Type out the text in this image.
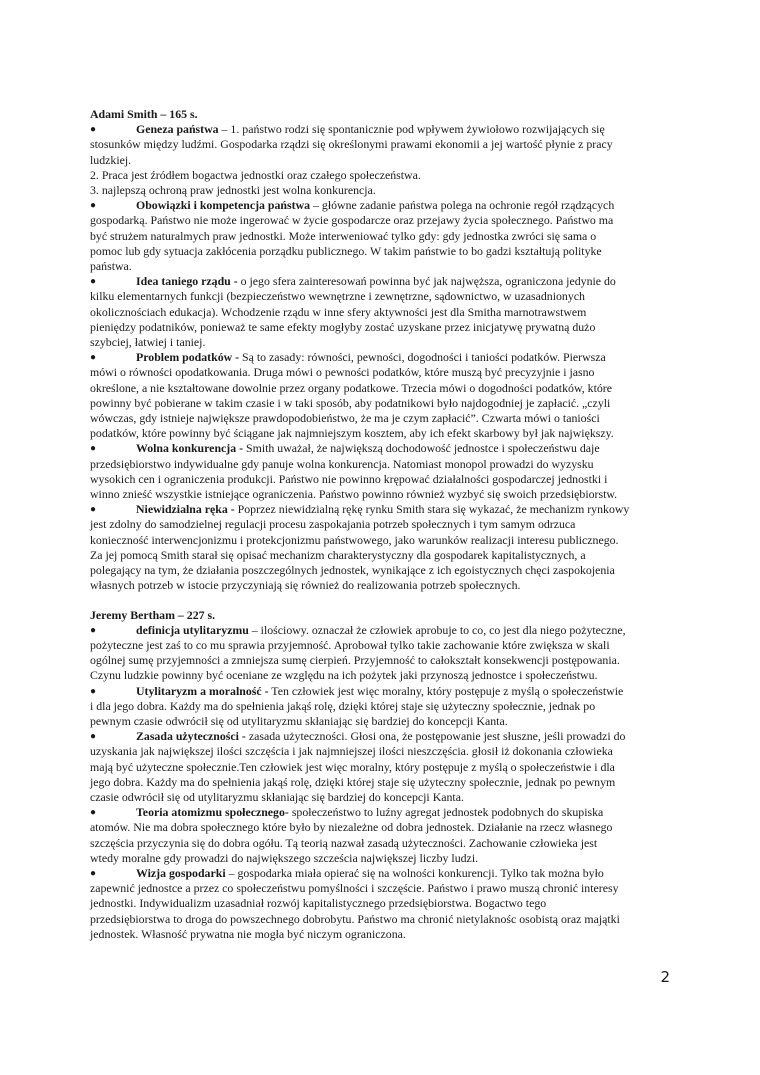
Adami Smith – 165 s.

●	Geneza państwa – 1. państwo rodzi się spontanicznie pod wpływem żywiołowo rozwijających się

stosunków między ludźmi. Gospodarka rządzi się określonymi prawami ekonomii a jej wartość płynie z pracy

ludzkiej.

2. Praca jest źródłem bogactwa jednostki oraz czałego społeczeństwa.

3. najlepszą ochroną praw jednostki jest wolna konkurencja.

●	Obowiązki i kompetencja państwa – główne zadanie państwa polega na ochronie regół rządzących

gospodarką. Państwo nie może ingerować w życie gospodarcze oraz przejawy życia społecznego. Państwo ma

być strużem naturalmych praw jednostki. Może interweniować tylko gdy: gdy jednostka zwróci się sama o

pomoc lub gdy sytuacja zakłócenia porządku publicznego. W takim państwie to bo gadzi kształtują polityke

państwa.

●	Idea taniego rządu - o jego sfera zainteresowań powinna być jak najwęższa, ograniczona jedynie do

kilku elementarnych funkcji (bezpieczeństwo wewnętrzne i zewnętrzne, sądownictwo, w uzasadnionych

okolicznościach edukacja). Wchodzenie rządu w inne sfery aktywności jest dla Smitha marnotrawstwem

pieniędzy podatników, ponieważ te same efekty mogłyby zostać uzyskane przez inicjatywę prywatną dużo

szybciej, łatwiej i taniej.

●	Problem podatków - Są to zasady: równości, pewności, dogodności i taniości podatków. Pierwsza

mówi o równości opodatkowania. Druga mówi o pewności podatków, które muszą być precyzyjnie i jasno

określone, a nie kształtowane dowolnie przez organy podatkowe. Trzecia mówi o dogodności podatków, które

powinny być pobierane w takim czasie i w taki sposób, aby podatnikowi było najdogodniej je zapłacić. „czyli

wówczas, gdy istnieje największe prawdopodobieństwo, że ma je czym zapłacić”. Czwarta mówi o taniości

podatków, które powinny być ściągane jak najmniejszym kosztem, aby ich efekt skarbowy był jak największy.

●	Wolna konkurencja - Smith uważał, że największą dochodowość jednostce i społeczeństwu daje

przedsiębiorstwo indywidualne gdy panuje wolna konkurencja. Natomiast monopol prowadzi do wyzysku

wysokich cen i ograniczenia produkcji. Państwo nie powinno krępować działalności gospodarczej jednostki i

winno znieść wszystkie istniejące ograniczenia. Państwo powinno również wyzbyć się swoich przedsiębiorstw.

●	Niewidzialna ręka - Poprzez niewidzialną rękę rynku Smith stara się wykazać, że mechanizm rynkowy

jest zdolny do samodzielnej regulacji procesu zaspokajania potrzeb społecznych i tym samym odrzuca

konieczność interwencjonizmu i protekcjonizmu państwowego, jako warunków realizacji interesu publicznego.

Za jej pomocą Smith starał się opisać mechanizm charakterystyczny dla gospodarek kapitalistycznych, a

polegający na tym, że działania poszczególnych jednostek, wynikające z ich egoistycznych chęci zaspokojenia

własnych potrzeb w istocie przyczyniają się również do realizowania potrzeb społecznych.

Jeremy Bertham – 227 s.

●	definicja utylitaryzmu – ilościowy. oznaczał że człowiek aprobuje to co, co jest dla niego pożyteczne,

pożyteczne jest zaś to co mu sprawia przyjemność. Aprobował tylko takie zachowanie które zwiększa w skali

ogólnej sumę przyjemności a zmniejsza sumę cierpień. Przyjemność to całokształt konsekwencji postępowania.

Czynu ludzkie powinny być oceniane ze względu na ich pożytek jaki przynoszą jednostce i społeczeństwu.

●	Utylitaryzm a moralność - Ten człowiek jest więc moralny, który postępuje z myślą o społeczeństwie

i dla jego dobra. Każdy ma do spełnienia jakąś rolę, dzięki której staje się użyteczny społecznie, jednak po

pewnym czasie odwrócił się od utylitaryzmu skłaniając się bardziej do koncepcji Kanta.

●	Zasada użyteczności - zasada użyteczności. Głosi ona, że postępowanie jest słuszne, jeśli prowadzi do

uzyskania jak największej ilości szczęścia i jak najmniejszej ilości nieszczęścia. głosił iż dokonania człowieka

mają być użyteczne społecznie.Ten człowiek jest więc moralny, który postępuje z myślą o społeczeństwie i dla

jego dobra. Każdy ma do spełnienia jakąś rolę, dzięki której staje się użyteczny społecznie, jednak po pewnym

czasie odwrócił się od utylitaryzmu skłaniając się bardziej do koncepcji Kanta.

●	Teoria atomizmu społecznego- społeczeństwo to luźny agregat jednostek podobnych do skupiska

atomów. Nie ma dobra społecznego które było by niezależne od dobra jednostek. Działanie na rzecz własnego

szczęścia przyczynia się do dobra ogółu. Tą teorią nazwał zasadą użyteczności. Zachowanie człowieka jest

wtedy moralne gdy prowadzi do największego szcześcia największej liczby ludzi.

●	Wizja gospodarki – gospodarka miała opierać się na wolności konkurencji. Tylko tak można było

zapewnić jednostce a przez co społeczeństwu pomyślności i szczęście. Państwo i prawo muszą chronić interesy

jednostki. Indywidualizm uzasadniał rozwój kapitalistycznego przedsiębiorstwa. Bogactwo tego

przedsiębiorstwa to droga do powszechnego dobrobytu. Państwo ma chronić nietylaknośc osobistą oraz majątki

jednostek. Własność prywatna nie mogła być niczym ograniczona.

2
